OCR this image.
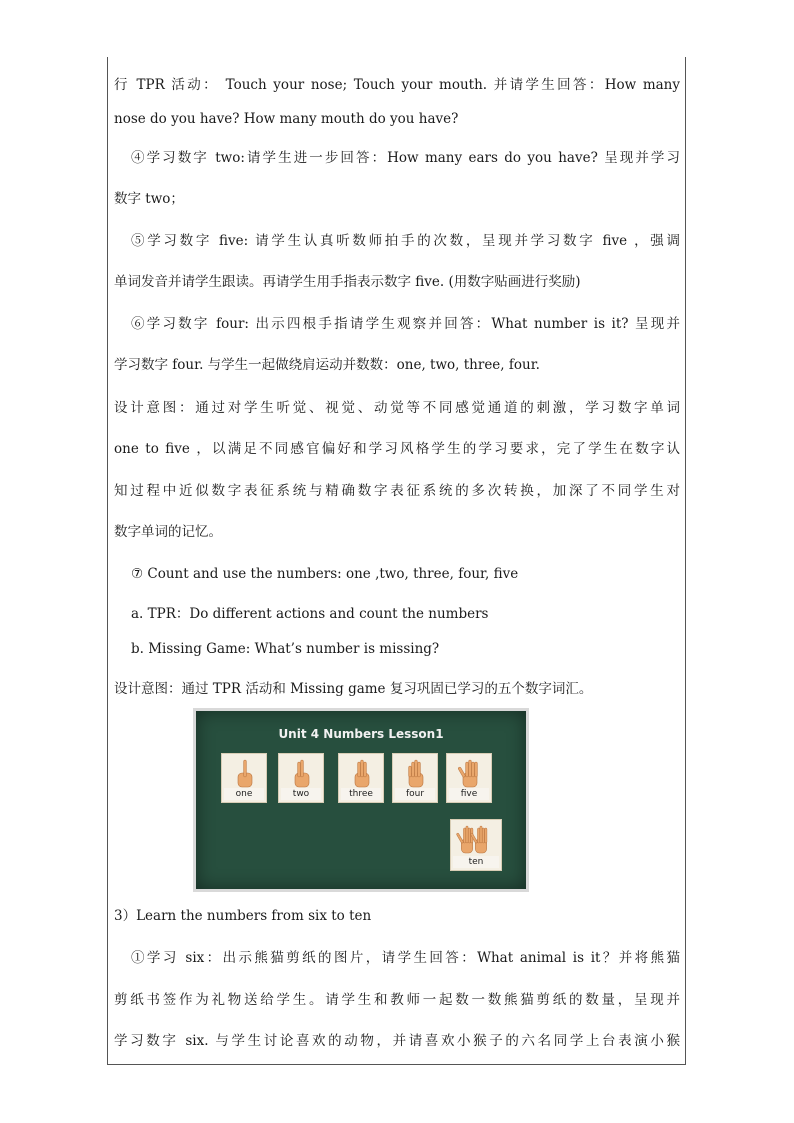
行 TPR 活动： Touch your nose; Touch your mouth. 并请学生回答：How many
nose do you have? How many mouth do you have?
④学习数字 two:请学生进一步回答：How many ears do you have? 呈现并学习
数字 two；
⑤学习数字 five: 请学生认真听数师拍手的次数，呈现并学习数字 five ，强调
单词发音并请学生跟读。再请学生用手指表示数字 five. (用数字贴画进行奖励)
⑥学习数字 four: 出示四根手指请学生观察并回答：What number is it? 呈现并
学习数字 four. 与学生一起做绕肩运动并数数：one, two, three, four.
设计意图：通过对学生听觉、视觉、动觉等不同感觉通道的刺激，学习数字单词
one to five ，以满足不同感官偏好和学习风格学生的学习要求，完了学生在数字认
知过程中近似数字表征系统与精确数字表征系统的多次转换，加深了不同学生对
数字单词的记忆。
⑦ Count and use the numbers: one ,two, three, four, five
a. TPR：Do different actions and count the numbers
b. Missing Game: What’s number is missing?
设计意图：通过 TPR 活动和 Missing game 复习巩固已学习的五个数字词汇。
Unit 4 Numbers Lesson1
one	two	three	four	five
ten
3）Learn the numbers from six to ten
①学习 six：出示熊猫剪纸的图片，请学生回答：What animal is it？并将熊猫
剪纸书签作为礼物送给学生。请学生和教师一起数一数熊猫剪纸的数量，呈现并
学习数字 six. 与学生讨论喜欢的动物，并请喜欢小猴子的六名同学上台表演小猴
